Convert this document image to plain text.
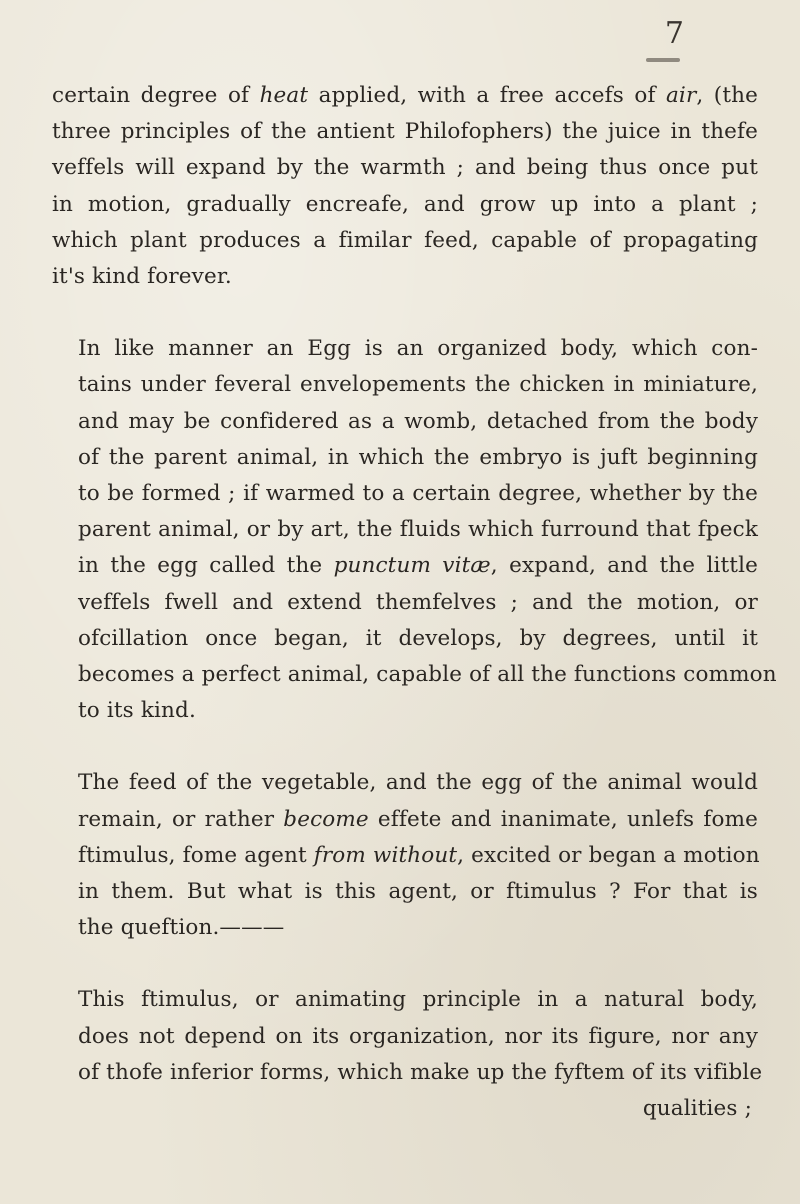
7
certain degree of heat applied, with a free accefs of air, (the
three principles of the antient Philofophers) the juice in thefe
veffels will expand by the warmth ; and being thus once put
in motion, gradually encreafe, and grow up into a plant ;
which plant produces a fimilar feed, capable of propagating
it's kind forever.
In like manner an Egg is an organized body, which con-
tains under feveral envelopements the chicken in miniature,
and may be confidered as a womb, detached from the body
of the parent animal, in which the embryo is juft beginning
to be formed ; if warmed to a certain degree, whether by the
parent animal, or by art, the fluids which furround that fpeck
in the egg called the punctum vitæ, expand, and the little
veffels fwell and extend themfelves ; and the motion, or
ofcillation once began, it develops, by degrees, until it
becomes a perfect animal, capable of all the functions common
to its kind.
The feed of the vegetable, and the egg of the animal would
remain, or rather become effete and inanimate, unlefs fome
ftimulus, fome agent from without, excited or began a motion
in them. But what is this agent, or ftimulus ? For that is
the queftion.———
This ftimulus, or animating principle in a natural body,
does not depend on its organization, nor its figure, nor any
of thofe inferior forms, which make up the fyftem of its vifible
qualities ;
